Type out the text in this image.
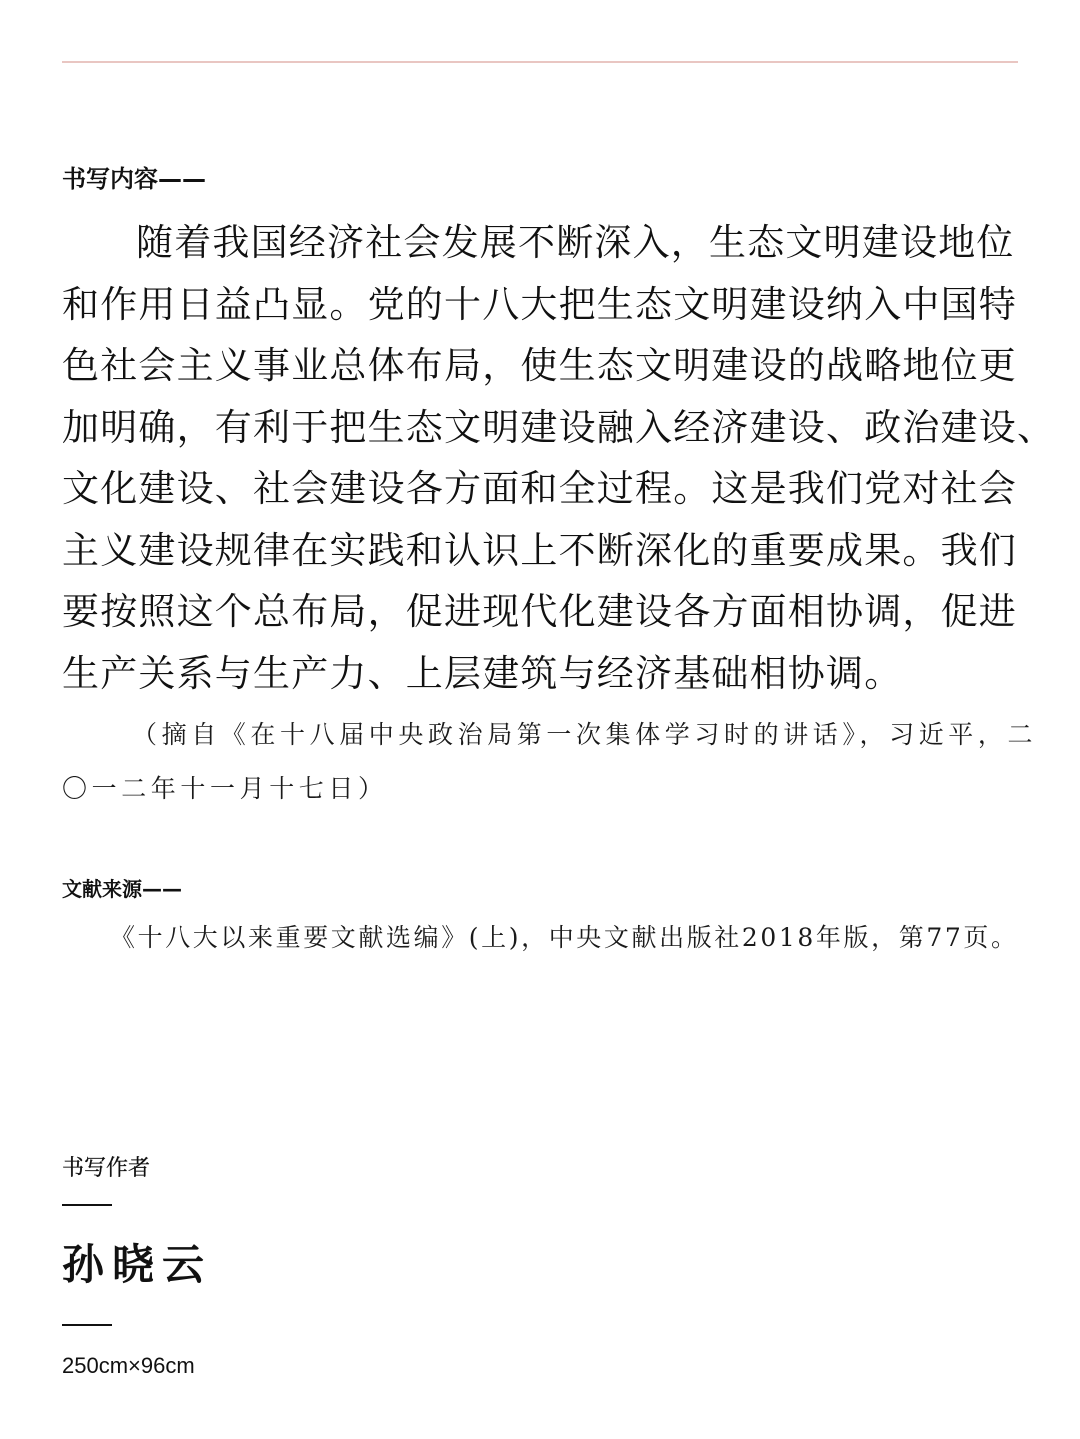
书写内容——
随着我国经济社会发展不断深入，生态文明建设地位
和作用日益凸显。党的十八大把生态文明建设纳入中国特
色社会主义事业总体布局，使生态文明建设的战略地位更
加明确，有利于把生态文明建设融入经济建设、政治建设、
文化建设、社会建设各方面和全过程。这是我们党对社会
主义建设规律在实践和认识上不断深化的重要成果。我们
要按照这个总布局，促进现代化建设各方面相协调，促进
生产关系与生产力、上层建筑与经济基础相协调。
（摘自《在十八届中央政治局第一次集体学习时的讲话》，习近平，二
〇一二年十一月十七日）
文献来源——
《十八大以来重要文献选编》(上)，中央文献出版社2018年版，第77页。
书写作者
孙晓云
250cm×96cm
